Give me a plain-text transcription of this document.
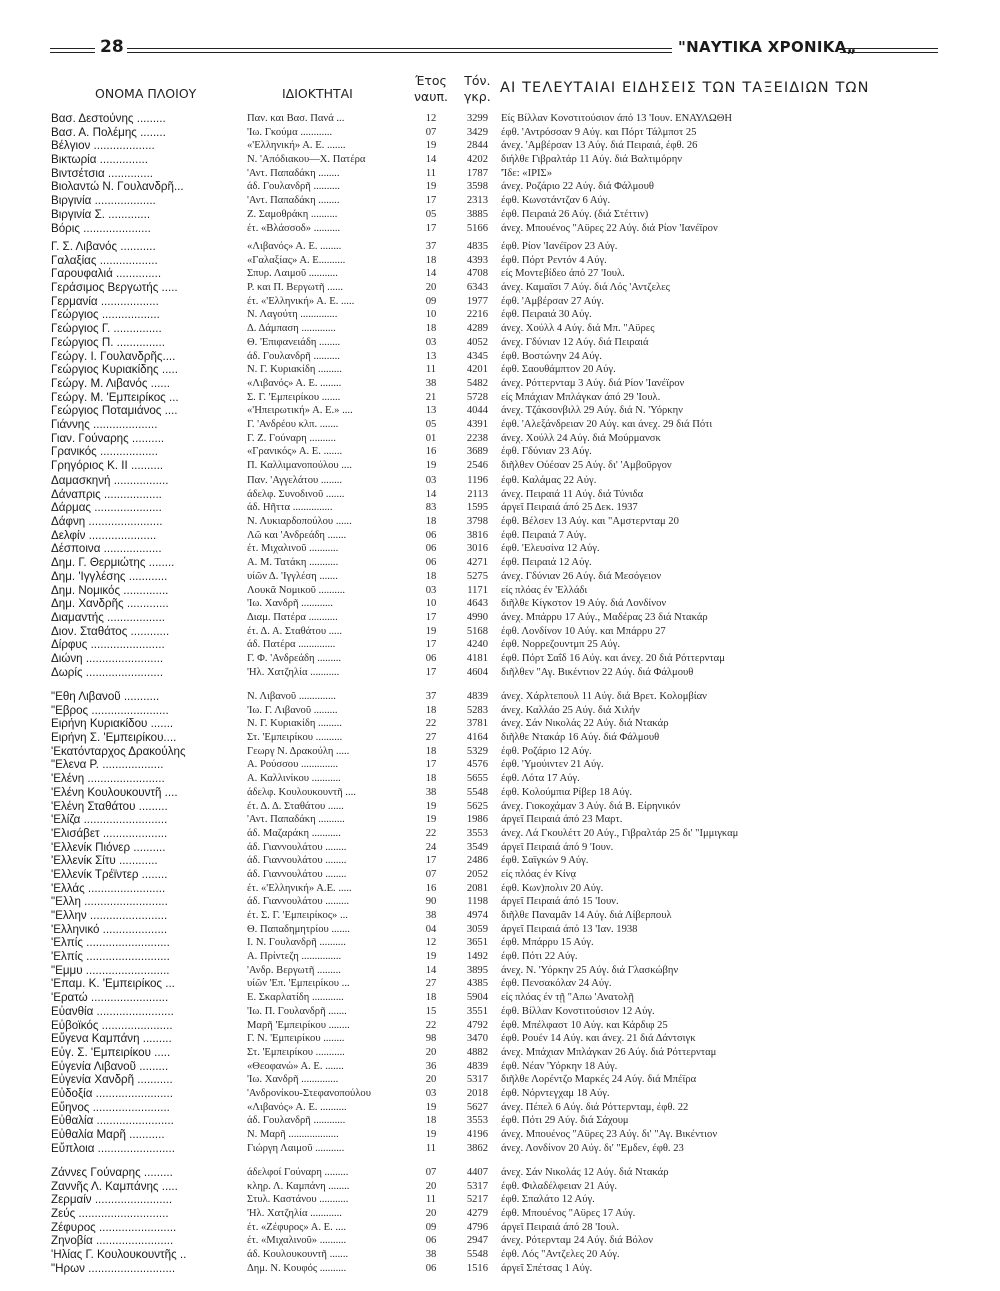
28	"ΝΑΥΤΙΚΑ ΧΡΟΝΙΚΑ„
ΟΝΟΜΑ ΠΛΟΙΟΥ	ΙΔΙΟΚΤΗΤΑΙ
Έτος
ναυπ.
Τόν.
γκρ.
ΑΙ ΤΕΛΕΥΤΑΙΑΙ ΕΙΔΗΣΕΙΣ ΤΩΝ ΤΑΞΕΙΔΙΩΝ ΤΩΝ
Βασ. Δεστούνης .........	Παν. και Βασ. Πανά ...	12	3299 Είς Βίλλαν Κονστιτούσιον άπό 13 'Ιουν. ΕΝΑΥΛΩΘΗ
Βασ. Α. Πολέμης ........	'Ιω. Γκούμα ............	07	3429 έφθ. 'Αντρόσσαν 9 Αύγ. και Πόρτ Τάλμποτ 25
Βέλγιον ...................	«'Ελληνική» Α. Ε. .......	19	2844 άνεχ. 'Αμβέρσαν 13 Αύγ. διά Πειραιά, έφθ. 26
Βικτωρία ...............	Ν. 'Απόδιακου—Χ. Πατέρα	14	4202 διήλθε Γιβραλτάρ 11 Αύγ. διά Βαλτιμόρην
Βιντσέτσια ..............	'Αντ. Παπαδάκη ........	11	1787 'Ίδε: «ΙΡΙΣ»
Βιολαντώ Ν. Γουλανδρῆ...	άδ. Γουλανδρῆ ..........	19	3598 άνεχ. Ροζάριο 22 Αύγ. διά Φάλμουθ
Βιργινία ...................	'Αντ. Παπαδάκη ........	17	2313 έφθ. Κωνστάντζαν 6 Αύγ.
Βιργινία Σ. .............	Ζ. Σαμοθράκη ..........	05	3885 έφθ. Πειραιά 26 Αύγ. (διά Στέττιν)
Βόρις .....................	έτ. «Βλάσσοδ» ..........	17	5166 άνεχ. Μπουένος "Αϋρες 22 Αύγ. διά Ρίον 'Ιανέϊρον
Γ. Σ. Λιβανός ...........	«Λιβανός» Α. Ε. ........	37	4835 έφθ. Ρίον 'Ιανέϊρον 23 Αύγ.
Γαλαξίας ..................	«Γαλαξίας» Α. Ε..........	18	4393 έφθ. Πόρτ Ρεντόν 4 Αύγ.
Γαρουφαλιά ..............	Σπυρ. Λαιμοῦ ...........	14	4708 είς Μοντεβίδεο άπό 27 'Ιουλ.
Γεράσιμος Βεργωτής .....	Ρ. και Π. Βεργωτῆ ......	20	6343 άνεχ. Καμαϊσι 7 Αύγ. διά Λός 'Αντζελες
Γερμανία ..................	έτ. «'Ελληνική» Α. Ε. .....	09	1977 έφθ. 'Αμβέρσαν 27 Αύγ.
Γεώργιος ..................	Ν. Λαγούτη ..............	10	2216 έφθ. Πειραιά 30 Αύγ.
Γεώργιος Γ. ...............	Δ. Δάμπαση .............	18	4289 άνεχ. Χούλλ 4 Αύγ. διά Μπ. "Αϋρες
Γεώργιος Π. ...............	Θ. 'Επιφανειάδη ........	03	4052 άνεχ. Γδύνιαν 12 Αύγ. διά Πειραιά
Γεώργ. Ι. Γουλανδρῆς....	άδ. Γουλανδρῆ ..........	13	4345 έφθ. Βοστώνην 24 Αύγ.
Γεώργιος Κυριακίδης .....	Ν. Γ. Κυριακίδη .........	11	4201 έφθ. Σαουθάμπτον 20 Αύγ.
Γεώργ. Μ. Λιβανός ......	«Λιβανός» Α. Ε. ........	38	5482 άνεχ. Ρόττερνταμ 3 Αύγ. διά Ρίον 'Ιανέϊρον
Γεώργ. Μ. 'Εμπειρίκος ...	Σ. Γ. 'Εμπειρίκου .......	21	5728 είς Μπάχιαν Μπλάγκαν άπό 29 'Ιουλ.
Γεώργιος Ποταμιάνος ....	«'Ηπειρωτική» Α. Ε.» ....	13	4044 άνεχ. Τζάκσονβιλλ 29 Αύγ. διά Ν. 'Υόρκην
Γιάννης ....................	Γ. 'Ανδρέου κλπ. .......	05	4391 έφθ. 'Αλεξάνδρειαν 20 Αύγ. και άνεχ. 29 διά Πότι
Γιαν. Γούναρης ..........	Γ. Ζ. Γούναρη ..........	01	2238 άνεχ. Χούλλ 24 Αύγ. διά Μούρμανσκ
Γρανικός ..................	«Γρανικός» Α. Ε. .......	16	3689 έφθ. Γδύνιαν 23 Αύγ.
Γρηγόριος Κ. ΙΙ ..........	Π. Καλλιμανοπούλου ....	19	2546 διῆλθεν Ούέσαν 25 Αύγ. δι' 'Αμβοῦργον
Δαμασκηνή .................	Παν. 'Αγγελάτου ........	03	1196 έφθ. Καλάμας 22 Αύγ.
Δάναπρις ..................	άδελφ. Συνοδινοῦ .......	14	2113 άνεχ. Πειραιά 11 Αύγ. διά Τύνιδα
Δάρμας .....................	άδ. Ηῆττα ...............	83	1595 άργεῖ Πειραιά άπό 25 Δεκ. 1937
Δάφνη .......................	Ν. Λυκιαρδοπούλου ......	18	3798 έφθ. Βέλσεν 13 Αύγ. και "Αμστερνταμ 20
Δελφίν .....................	Λῶ και 'Ανδρεάδη .......	06	3816 έφθ. Πειραιά 7 Αύγ.
Δέσποινα ..................	έτ. Μιχαλινοῦ ...........	06	3016 έφθ. 'Ελευσίνα 12 Αύγ.
Δημ. Γ. Θερμιώτης ........	Α. Μ. Τατάκη ...........	06	4271 έφθ. Πειραιά 12 Αύγ.
Δημ. 'Ιγγλέσης ............	υίῶν Δ. 'Ιγγλέση .......	18	5275 άνεχ. Γδύνιαν 26 Αύγ. διά Μεσόγειον
Δημ. Νομικός ..............	Λουκᾶ Νομικοῦ ..........	03	1171 είς πλόας έν 'Ελλάδι
Δημ. Χανδρῆς .............	'Ιω. Χανδρῆ ............	10	4643 διῆλθε Κίγκστον 19 Αύγ. διά Λονδίνον
Διαμαντής ..................	Διαμ. Πατέρα ...........	17	4990 άνεχ. Μπάρρυ 17 Αύγ., Μαδέρας 23 διά Ντακάρ
Διον. Σταθάτος ............	έτ. Δ. Α. Σταθάτου .....	19	5168 έφθ. Λονδίνον 10 Αύγ. και Μπάρρυ 27
Δίρφυς .......................	άδ. Πατέρα ..............	17	4240 έφθ. Νορρεζουντμπ 25 Αύγ.
Διώνη ........................	Γ. Φ. 'Ανδρεάδη .........	06	4181 έφθ. Πόρτ Σαΐδ 16 Αύγ. και άνεχ. 20 διά Ρόττερνταμ
Δωρίς ........................	'Ηλ. Χατζηλία ...........	17	4604 διῆλθεν "Αγ. Βικέντιον 22 Αύγ. διά Φάλμουθ
"Εθη Λιβανοῦ ...........	Ν. Λιβανοῦ ..............	37	4839 άνεχ. Χάρλτεπουλ 11 Αύγ. διά Βρετ. Κολομβίαν
"Εβρος ........................	'Ιω. Γ. Λιβανοῦ .........	18	5283 άνεχ. Καλλάο 25 Αύγ. διά Χιλήν
Ειρήνη Κυριακίδου .......	Ν. Γ. Κυριακίδη .........	22	3781 άνεχ. Σάν Νικολάς 22 Αύγ. διά Ντακάρ
Ειρήνη Σ. 'Εμπειρίκου....	Στ. 'Εμπειρίκου ..........	27	4164 διῆλθε Ντακάρ 16 Αύγ. διά Φάλμουθ
'Εκατόνταρχος Δρακούλης	Γεωργ Ν. Δρακούλη .....	18	5329 έφθ. Ροζάριο 12 Αύγ.
"Ελενα Ρ. ...................	Α. Ρούσσου ..............	17	4576 έφθ. 'Υμούιντεν 21 Αύγ.
'Ελένη ........................	Α. Καλλινίκου ...........	18	5655 έφθ. Λότα 17 Αύγ.
'Ελένη Κουλουκουντῆ ....	άδελφ. Κουλουκουντῆ ....	38	5548 έφθ. Κολούμπια Ρίβερ 18 Αύγ.
'Ελένη Σταθάτου .........	έτ. Δ. Δ. Σταθάτου ......	19	5625 άνεχ. Γιοκοχάμαν 3 Αύγ. διά Β. Είρηνικόν
'Ελίζα ..........................	'Αντ. Παπαδάκη ..........	19	1986 άργεῖ Πειραιά άπό 23 Μαρτ.
'Ελισάβετ ....................	άδ. Μαζαράκη ...........	22	3553 άνεχ. Λά Γκουλέττ 20 Αύγ., Γιβραλτάρ 25 δι' "Ιμμιγκαμ
'Ελλενίκ Πιόνερ ..........	άδ. Γιαννουλάτου ........	24	3549 άργεῖ Πειραιά άπό 9 'Ιουν.
'Ελλενίκ Σίτυ ............	άδ. Γιαννουλάτου ........	17	2486 έφθ. Σαϊγκών 9 Αύγ.
'Ελλενίκ Τρέϊντερ ........	άδ. Γιαννουλάτου ........	07	2052 είς πλόας έν Κίνᾳ
'Ελλάς ........................	έτ. «'Ελληνική» Α.Ε. .....	16	2081 έφθ. Κων)πολιν 20 Αύγ.
"Ελλη ..........................	άδ. Γιαννουλάτου .........	90	1198 άργεῖ Πειραιά άπό 15 'Ιουν.
"Ελλην ........................	έτ. Σ. Γ. 'Εμπειρίκος» ...	38	4974 διῆλθε Παναμᾶν 14 Αύγ. διά Λίβερπουλ
'Ελληνικό ....................	Θ. Παπαδημητρίου .......	04	3059 άργεῖ Πειραιά άπό 13 'Ιαν. 1938
'Ελπίς ..........................	Ι. Ν. Γουλανδρῆ ..........	12	3651 έφθ. Μπάρρυ 15 Αύγ.
'Ελπίς ..........................	Α. Πρίντεζη ...............	19	1492 έφθ. Πότι 22 Αύγ.
"Εμμυ ..........................	'Ανδρ. Βεργωτῆ .........	14	3895 άνεχ. Ν. 'Υόρκην 25 Αύγ. διά Γλασκώβην
'Επαμ. Κ. 'Εμπειρίκος ...	υίῶν 'Επ. 'Εμπειρίκου ...	27	4385 έφθ. Πενσακόλαν 24 Αύγ.
'Ερατώ ........................	Ε. Σκαρλατίδη ............	18	5904 είς πλόας έν τῇ "Απω 'Ανατολῇ
Εὐανθία ........................	'Ιω. Π. Γουλανδρῆ .......	15	3551 έφθ. Βίλλαν Κονστιτούσιον 12 Αύγ.
Εὐβοϊκός ......................	Μαρῆ 'Εμπειρίκου ........	22	4792 έφθ. Μπέλφαστ 10 Αύγ. και Κάρδιφ 25
Εὔγενα Καμπάνη .........	Γ. Ν. 'Εμπειρίκου ........	98	3470 έφθ. Ρουέν 14 Αύγ. και άνεχ. 21 διά Δάντσιγκ
Εὐγ. Σ. 'Εμπειρίκου .....	Στ. 'Εμπειρίκου ...........	20	4882 άνεχ. Μπάχιαν Μπλάγκαν 26 Αύγ. διά Ρόττερνταμ
Εὐγενία Λιβανοῦ .........	«Θεοφανώ» Α. Ε. .......	36	4839 έφθ. Νέαν 'Υόρκην 18 Αύγ.
Εὐγενία Χανδρῆ ...........	'Ιω. Χανδρῆ ..............	20	5317 διῆλθε Λορέντζο Μαρκές 24 Αύγ. διά Μπέϊρα
Εὐδοξία ........................	'Ανδρονίκου-Στεφανοπούλου	03	2018 έφθ. Νόρντεγχαμ 18 Αύγ.
Εὔηνος ........................	«Λιβανός» Α. Ε. ..........	19	5627 άνεχ. Πέπελ 6 Αύγ. διά Ρόττερνταμ, έφθ. 22
Εὐθαλία ........................	άδ. Γουλανδρῆ ............	18	3553 έφθ. Πότι 29 Αύγ. διά Σάχουμ
Εὐθαλία Μαρῆ ...........	Ν. Μαρῆ ...................	19	4196 άνεχ. Μπουένος "Αϋρες 23 Αύγ. δι' "Αγ. Βικέντιον
Εὔπλοια ........................	Γιώργη Λαιμοῦ ...........	11	3862 άνεχ. Λονδίνον 20 Αύγ. δι' "Εμδεν, έφθ. 23
Ζάννες Γούναρης .........	άδελφοί Γούναρη .........	07	4407 άνεχ. Σάν Νικολάς 12 Αύγ. διά Ντακάρ
Ζαννῆς Λ. Καμπάνης .....	κληρ. Λ. Καμπάνη ........	20	5317 έφθ. Φιλαδέλφειαν 21 Αύγ.
Ζερμαίν ........................	Στυλ. Καστάνου ...........	11	5217 έφθ. Σπαλάτο 12 Αύγ.
Ζεύς ............................	'Ηλ. Χατζηλία ............	20	4279 έφθ. Μπουένος "Αϋρες 17 Αύγ.
Ζέφυρος ........................	έτ. «Ζέφυρος» Α. Ε. ....	09	4796 άργεῖ Πειραιά άπό 28 'Ιουλ.
Ζηνοβία ........................	έτ. «Μιχαλινοῦ» ..........	06	2947 άνεχ. Ρότερνταμ 24 Αύγ. διά Βόλον
'Ηλίας Γ. Κουλουκουντῆς ..	άδ. Κουλουκουντῆ .......	38	5548 έφθ. Λός "Αντζελες 20 Αύγ.
"Ηρων ...........................	Δημ. Ν. Κουφός ..........	06	1516 άργεῖ Σπέτσας 1 Αύγ.
